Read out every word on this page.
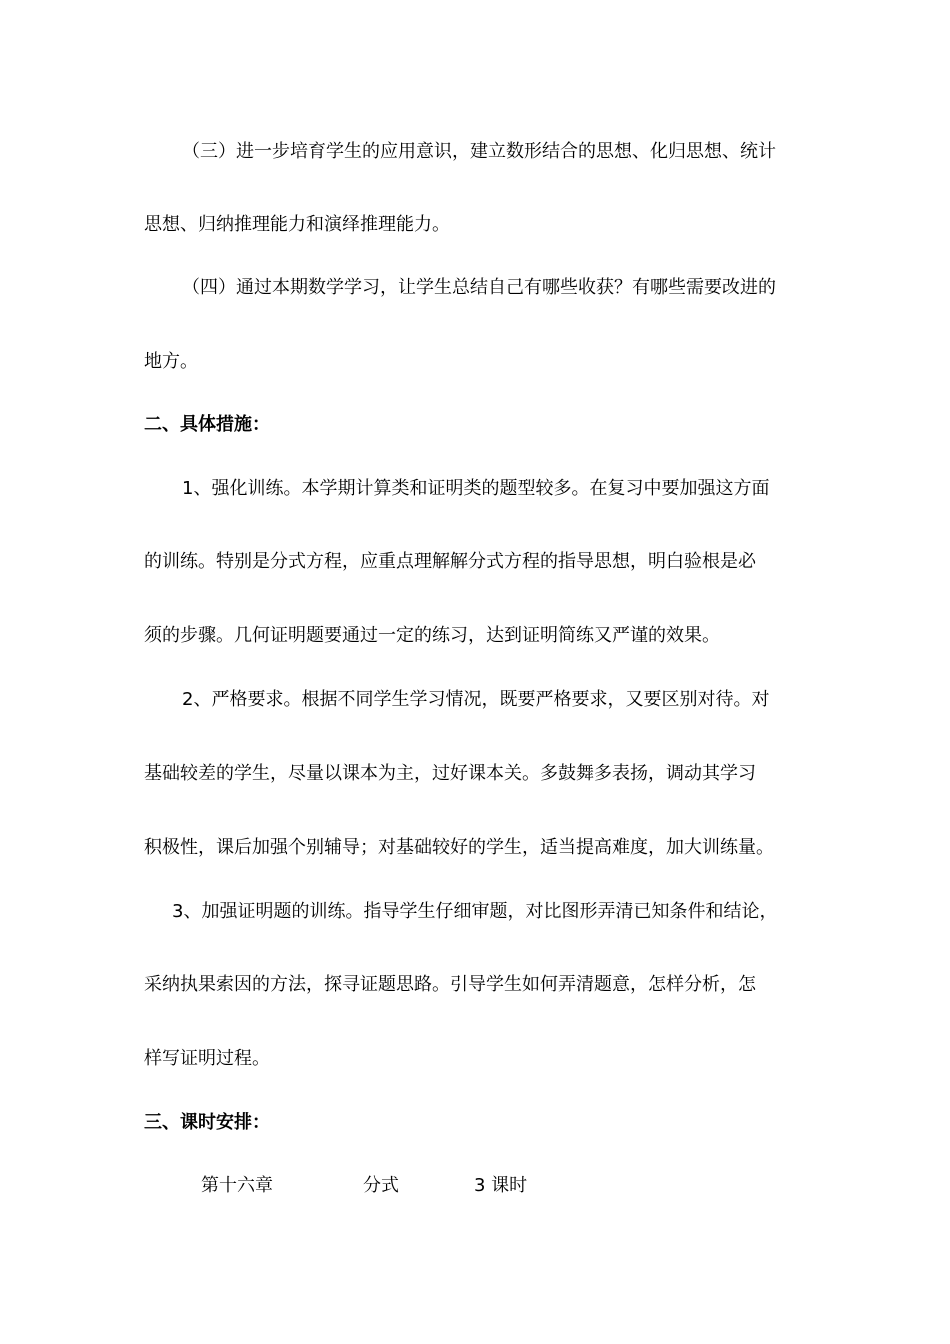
（三）进一步培育学生的应用意识，建立数形结合的思想、化归思想、统计
思想、归纳推理能力和演绎推理能力。
（四）通过本期数学学习，让学生总结自己有哪些收获？有哪些需要改进的
地方。
二、具体措施：
1、强化训练。本学期计算类和证明类的题型较多。在复习中要加强这方面
的训练。特别是分式方程，应重点理解解分式方程的指导思想，明白验根是必
须的步骤。几何证明题要通过一定的练习，达到证明简练又严谨的效果。
2、严格要求。根据不同学生学习情况，既要严格要求，又要区别对待。对
基础较差的学生，尽量以课本为主，过好课本关。多鼓舞多表扬，调动其学习
积极性，课后加强个别辅导；对基础较好的学生，适当提高难度，加大训练量。
3、加强证明题的训练。指导学生仔细审题，对比图形弄清已知条件和结论，
采纳执果索因的方法，探寻证题思路。引导学生如何弄清题意，怎样分析，怎
样写证明过程。
三、课时安排：
第十六章	分式	3 课时
